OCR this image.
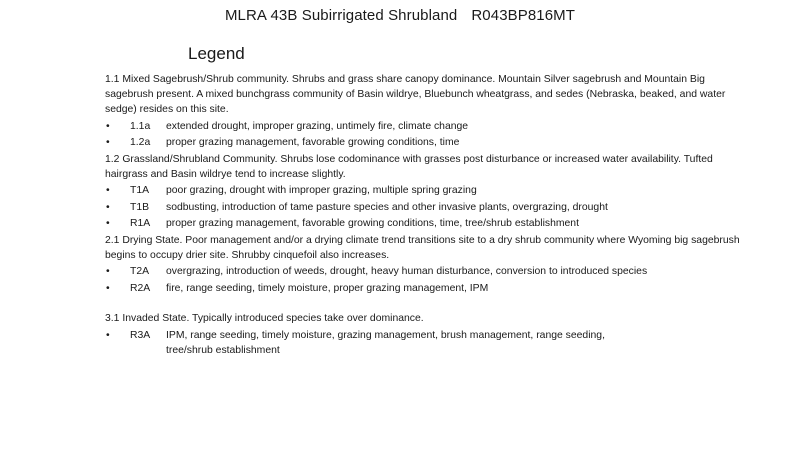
MLRA 43B Subirrigated Shrubland R043BP816MT
Legend

1.1 Mixed Sagebrush/Shrub community. Shrubs and grass share canopy dominance. Mountain Silver sagebrush and Mountain Big sagebrush present. A mixed bunchgrass community of Basin wildrye, Bluebunch wheatgrass, and sedes (Nebraska, beaked, and water sedge) resides on this site.

• 1.1a extended drought, improper grazing, untimely fire, climate change
• 1.2a proper grazing management, favorable growing conditions, time

1.2 Grassland/Shrubland Community. Shrubs lose codominance with grasses post disturbance or increased water availability. Tufted hairgrass and Basin wildrye tend to increase slightly.

• T1A poor grazing, drought with improper grazing, multiple spring grazing
• T1B sodbusting, introduction of tame pasture species and other invasive plants, overgrazing, drought
• R1A proper grazing management, favorable growing conditions, time, tree/shrub establishment

2.1 Drying State. Poor management and/or a drying climate trend transitions site to a dry shrub community where Wyoming big sagebrush begins to occupy drier site. Shrubby cinquefoil also increases.

• T2A overgrazing, introduction of weeds, drought, heavy human disturbance, conversion to introduced species
• R2A fire, range seeding, timely moisture, proper grazing management, IPM

3.1 Invaded State. Typically introduced species take over dominance.

• R3A IPM, range seeding, timely moisture, grazing management, brush management, range seeding, tree/shrub establishment
